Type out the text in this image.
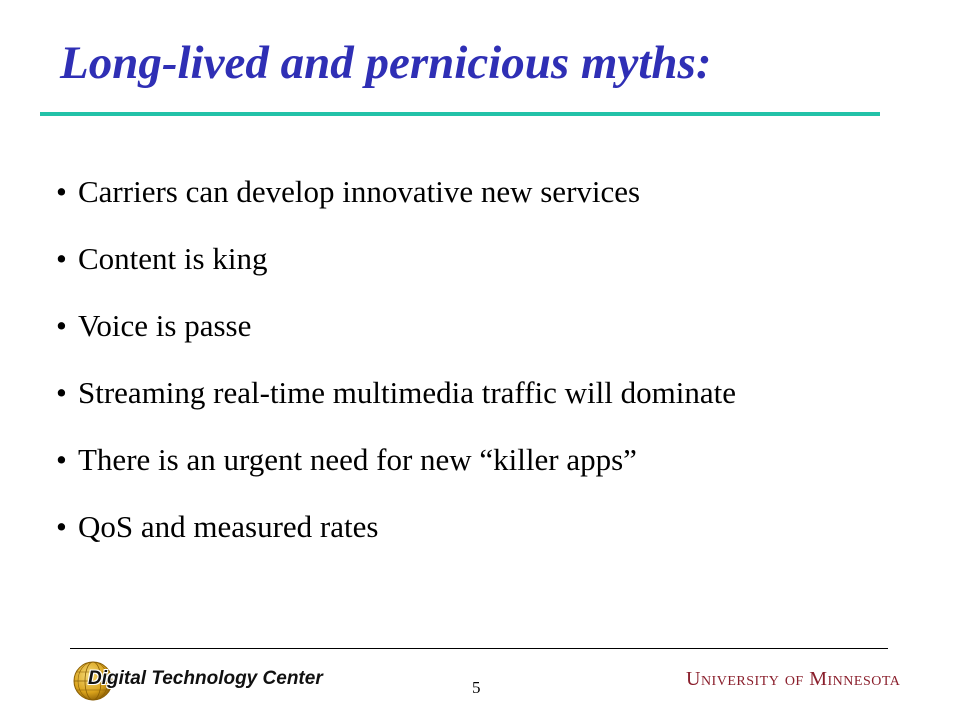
Long-lived and pernicious myths:
• Carriers can develop innovative new services
• Content is king
• Voice is passe
• Streaming real-time multimedia traffic will dominate
• There is an urgent need for new “killer apps”
• QoS and measured rates
Digital Technology Center	5	University of Minnesota
